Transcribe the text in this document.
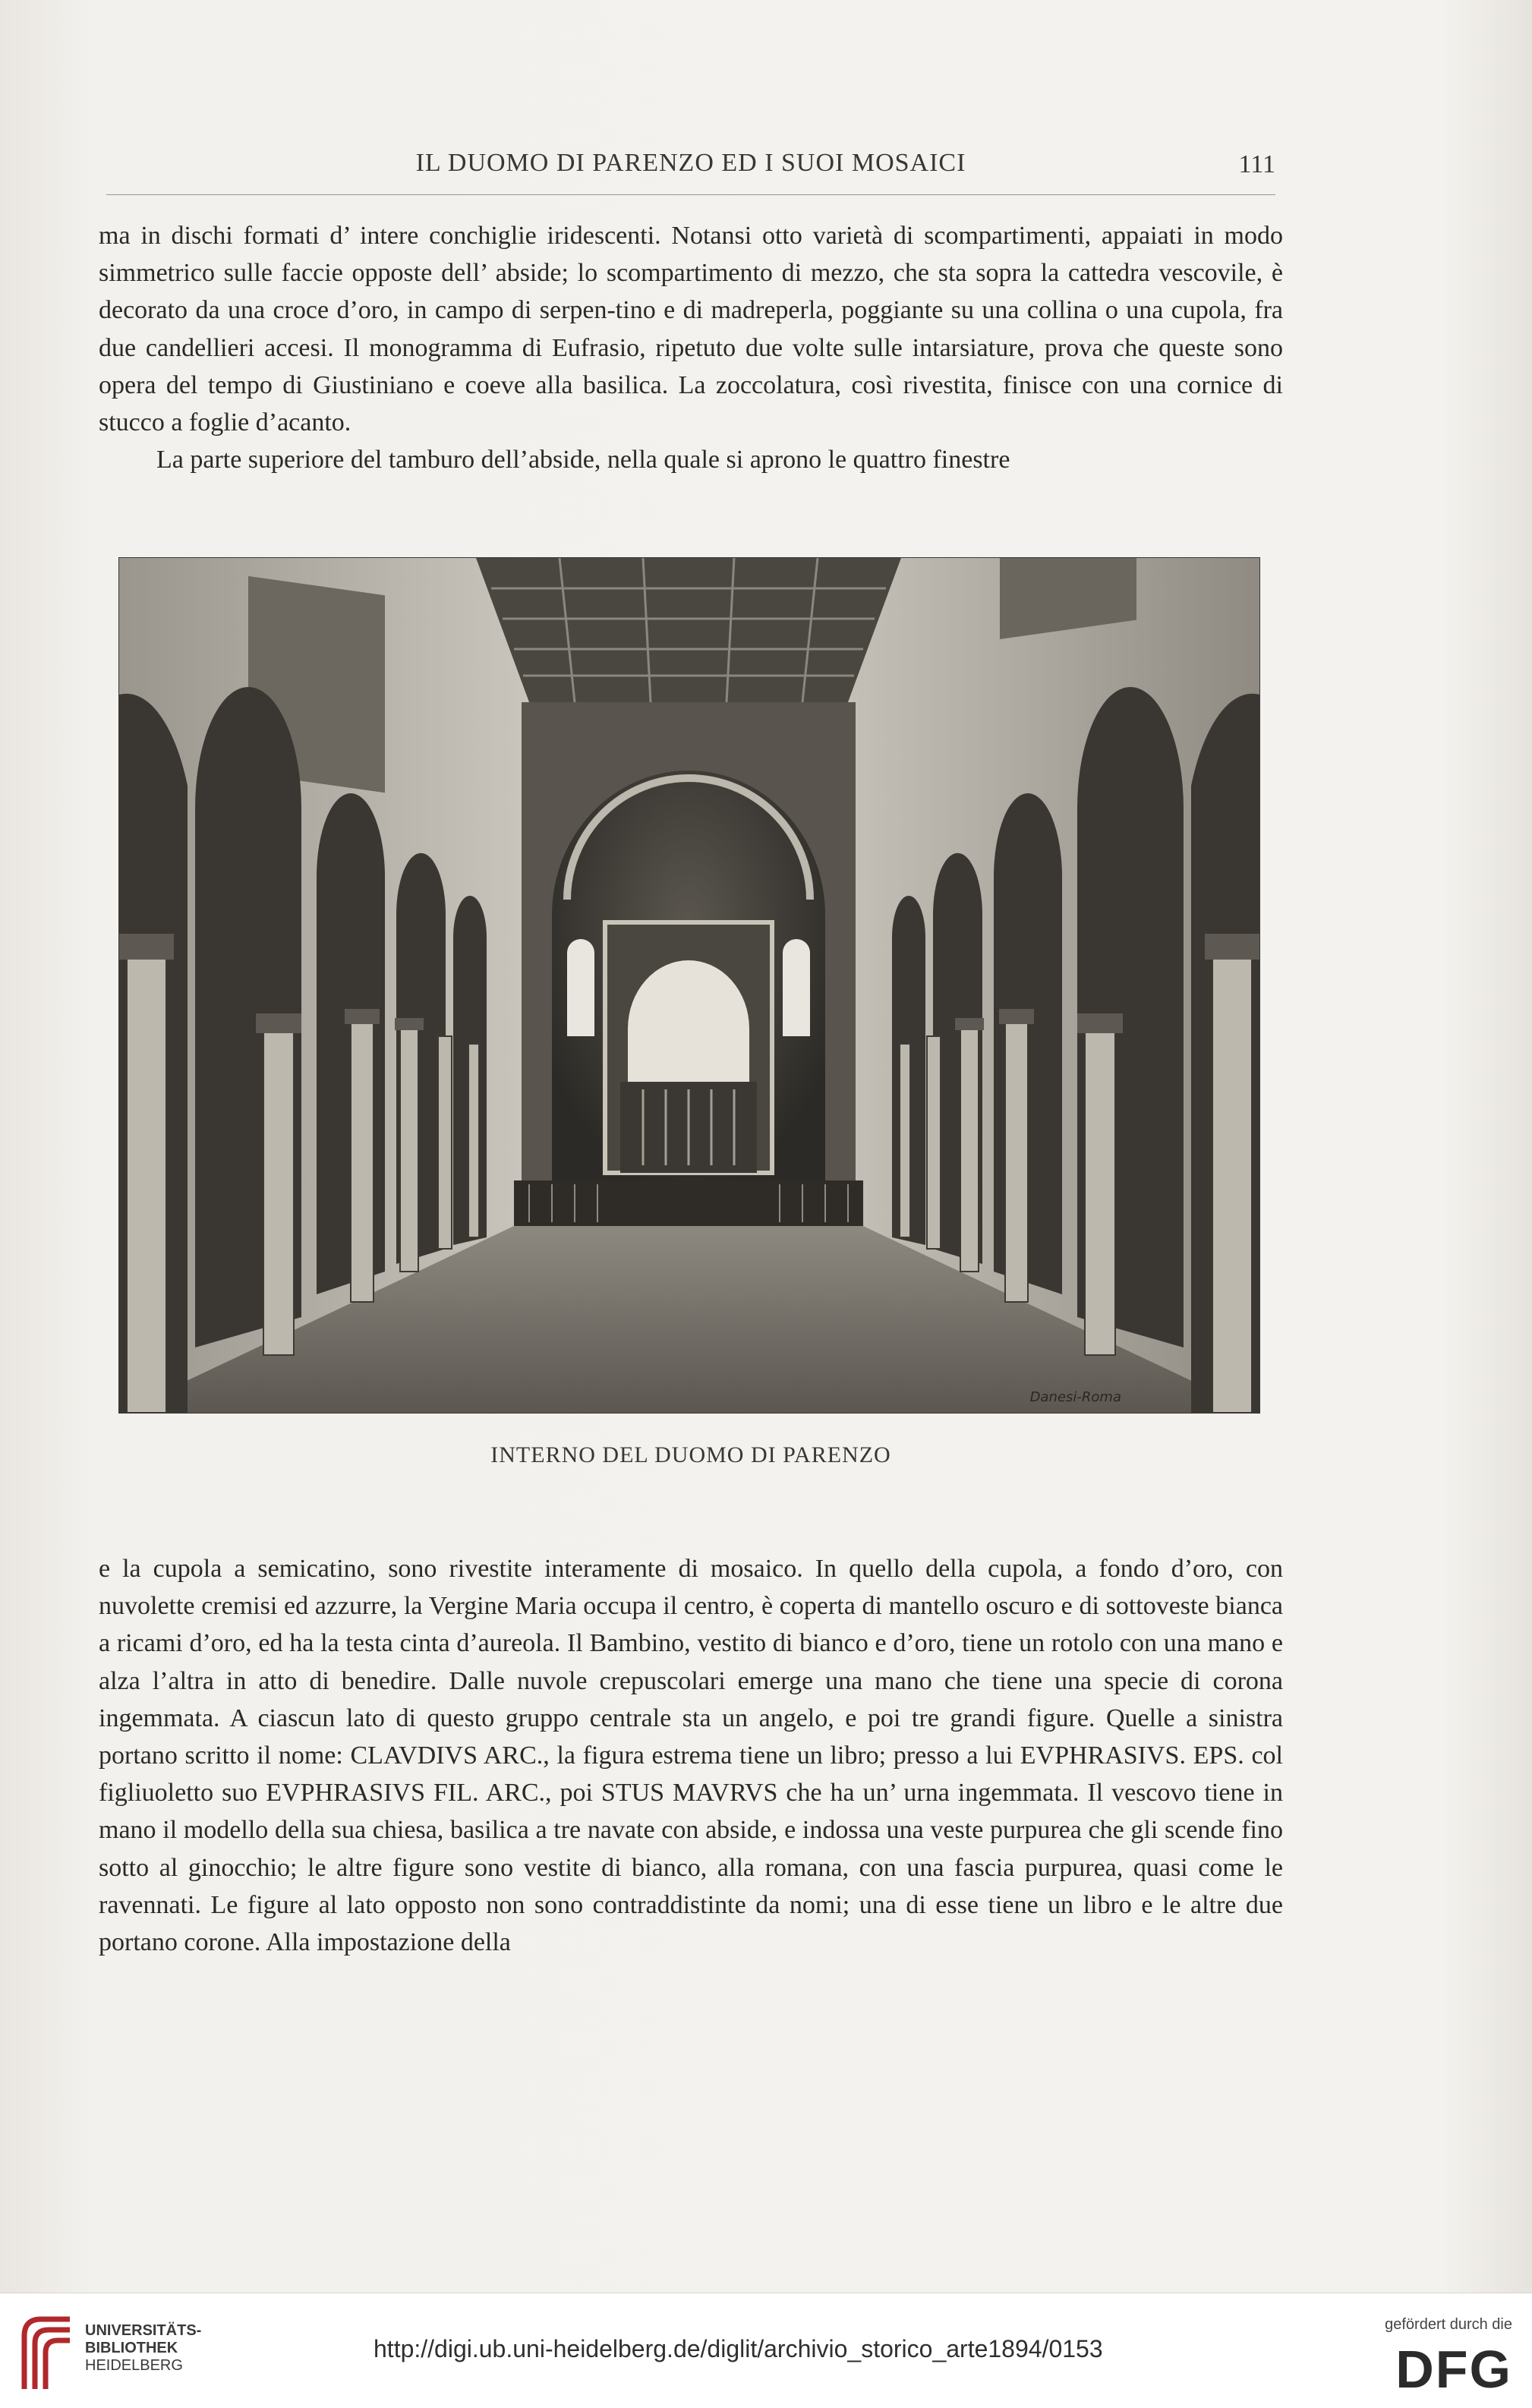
IL DUOMO DI PARENZO ED I SUOI MOSAICI	111

ma in dischi formati d’ intere conchiglie iridescenti. Notansi otto varietà di scompartimenti, appaiati in modo simmetrico sulle faccie opposte dell’ abside; lo scompartimento di mezzo, che sta sopra la cattedra vescovile, è decorato da una croce d’oro, in campo di serpen-tino e di madreperla, poggiante su una collina o una cupola, fra due candellieri accesi. Il monogramma di Eufrasio, ripetuto due volte sulle intarsiature, prova che queste sono opera del tempo di Giustiniano e coeve alla basilica. La zoccolatura, così rivestita, finisce con una cornice di stucco a foglie d’acanto.

La parte superiore del tamburo dell’abside, nella quale si aprono le quattro finestre

Danesi-Roma
INTERNO DEL DUOMO DI PARENZO

e la cupola a semicatino, sono rivestite interamente di mosaico. In quello della cupola, a fondo d’oro, con nuvolette cremisi ed azzurre, la Vergine Maria occupa il centro, è coperta di mantello oscuro e di sottoveste bianca a ricami d’oro, ed ha la testa cinta d’aureola. Il Bambino, vestito di bianco e d’oro, tiene un rotolo con una mano e alza l’altra in atto di benedire. Dalle nuvole crepuscolari emerge una mano che tiene una specie di corona ingemmata. A ciascun lato di questo gruppo centrale sta un angelo, e poi tre grandi figure. Quelle a sinistra portano scritto il nome: CLAVDIVS ARC., la figura estrema tiene un libro; presso a lui EVPHRASIVS. EPS. col figliuoletto suo EVPHRASIVS FIL. ARC., poi STUS MAVRVS che ha un’ urna ingemmata. Il vescovo tiene in mano il modello della sua chiesa, basilica a tre navate con abside, e indossa una veste purpurea che gli scende fino sotto al ginocchio; le altre figure sono vestite di bianco, alla romana, con una fascia purpurea, quasi come le ravennati. Le figure al lato opposto non sono contraddistinte da nomi; una di esse tiene un libro e le altre due portano corone. Alla impostazione della

UNIVERSITÄTS-
BIBLIOTHEK
HEIDELBERG
http://digi.ub.uni-heidelberg.de/diglit/archivio_storico_arte1894/0153
gefördert durch die
DFG
